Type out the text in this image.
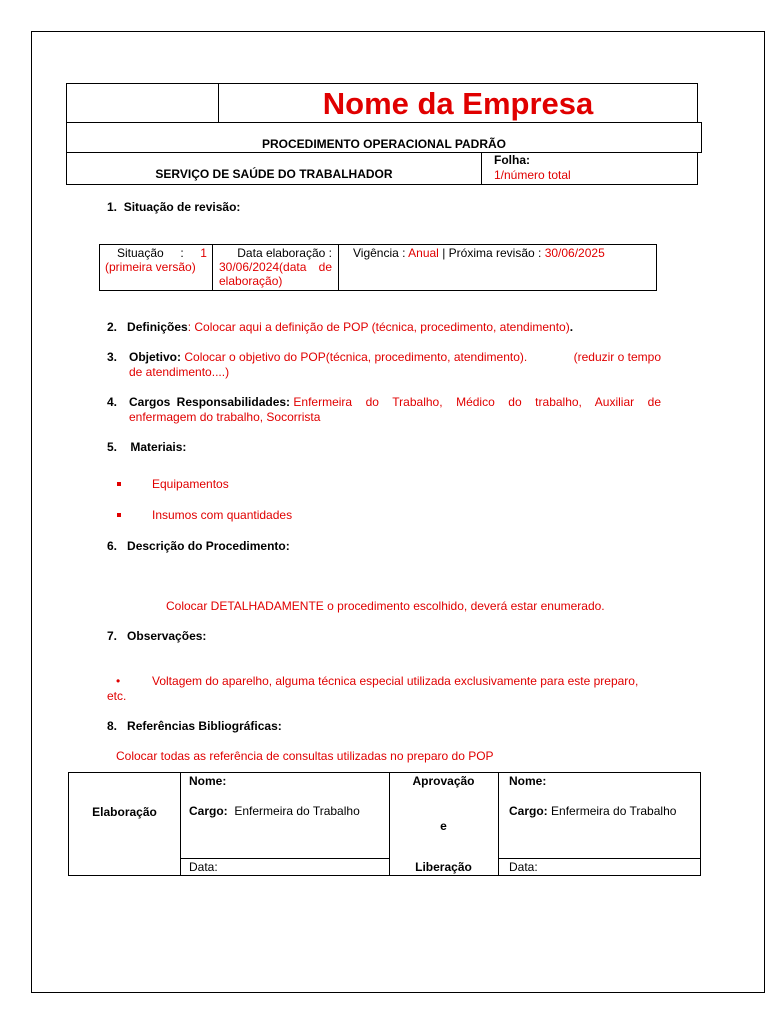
Nome da Empresa
PROCEDIMENTO OPERACIONAL PADRÃO
SERVIÇO DE SAÚDE DO TRABALHADOR
Folha:
1/número total
1. Situação de revisão:
Situação : 1
(primeira versão)
Data elaboração :
30/06/2024(data de
elaboração)
Vigência : Anual | Próxima revisão : 30/06/2025
2. Definições: Colocar aqui a definição de POP (técnica, procedimento, atendimento).
3. Objetivo:
Colocar o objetivo do POP(técnica, procedimento, atendimento).	(reduzir o tempo
de atendimento....)
4. Cargos Responsabilidades:
Enfermeira do Trabalho, Médico do trabalho, Auxiliar de
enfermagem do trabalho, Socorrista
5. Materiais:
Equipamentos
Insumos com quantidades
6. Descrição do Procedimento:
Colocar DETALHADAMENTE o procedimento escolhido, deverá estar enumerado.
7. Observações:
•	Voltagem do aparelho, alguma técnica especial utilizada exclusivamente para este preparo,
etc.
8. Referências Bibliográficas:
Colocar todas as referência de consultas utilizadas no preparo do POP
Elaboração
Nome:
Cargo: Enfermeira do Trabalho
Data:
Aprovação
e
Liberação
Nome:
Cargo: Enfermeira do Trabalho
Data:
